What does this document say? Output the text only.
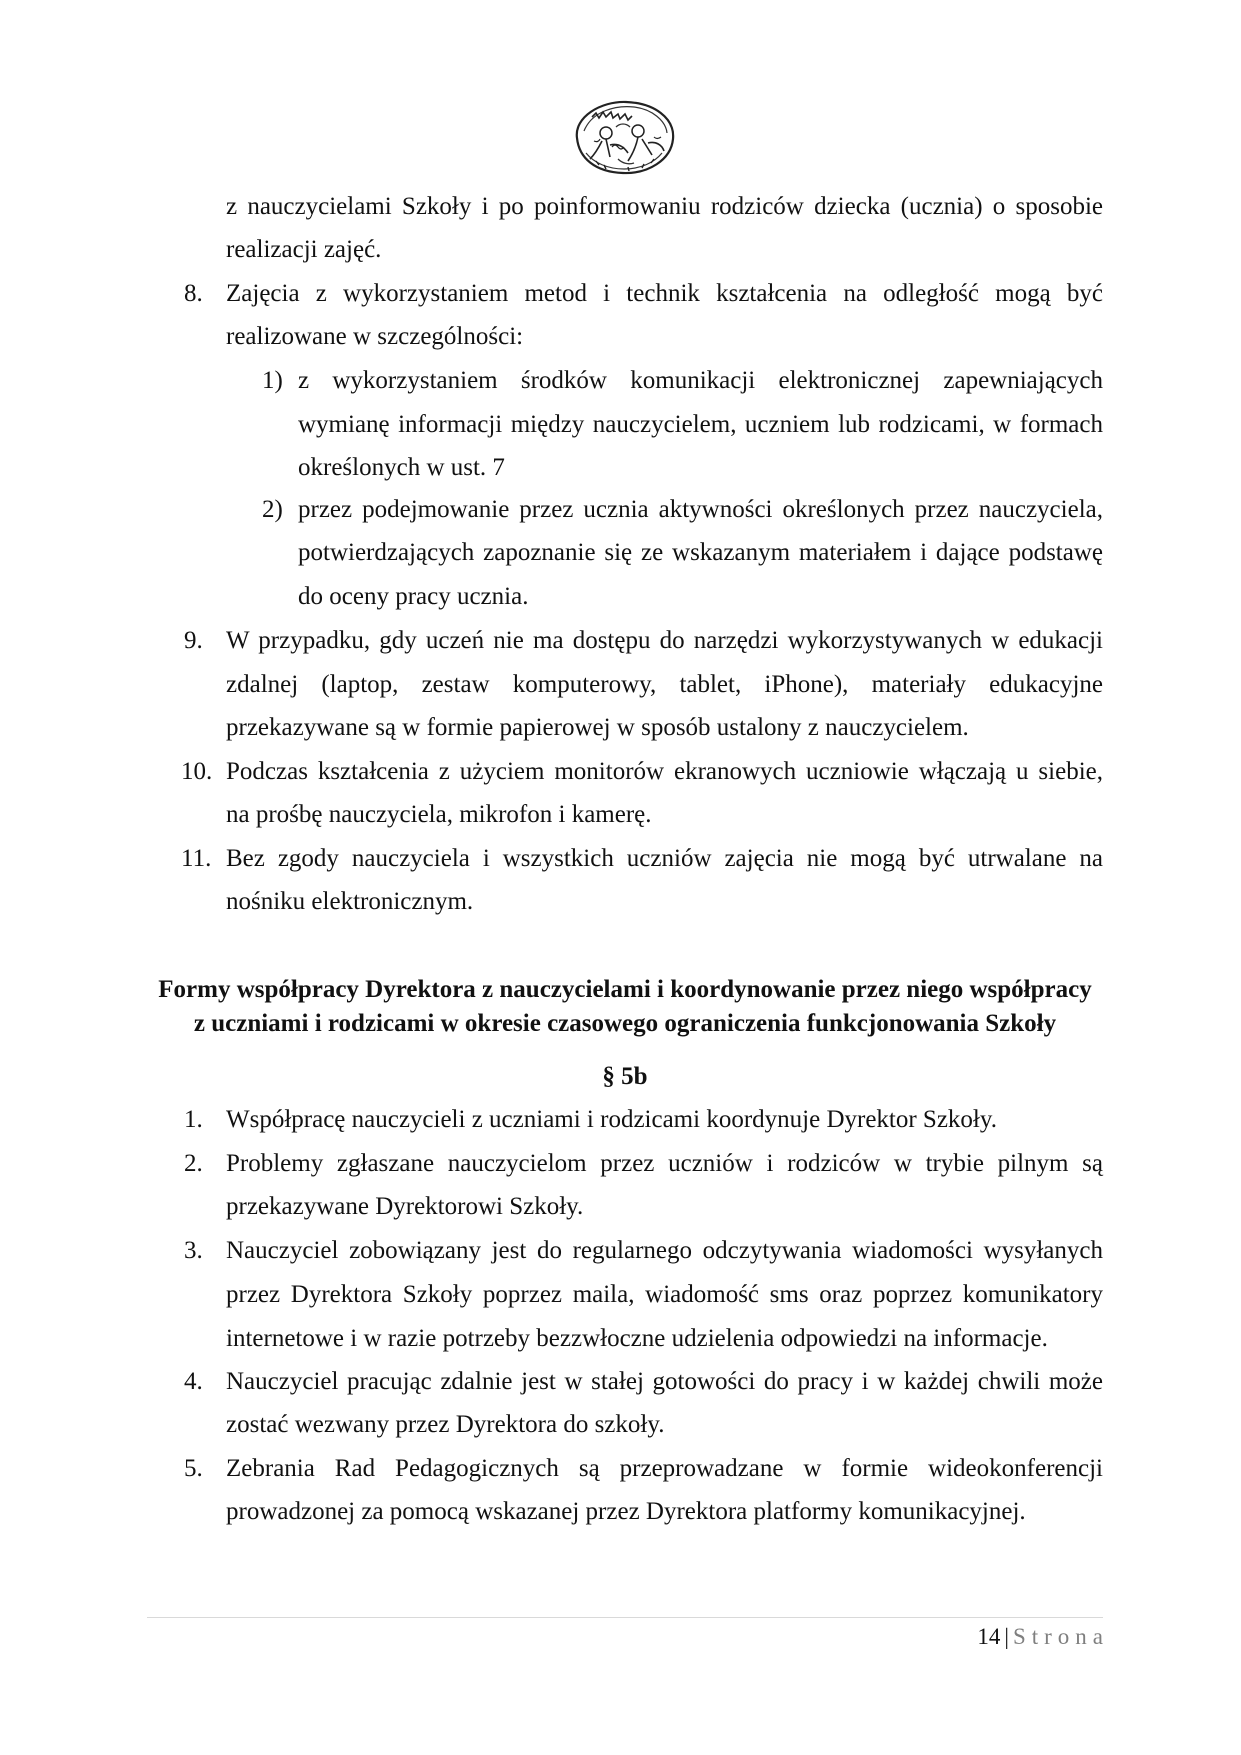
z nauczycielami Szkoły i po poinformowaniu rodziców dziecka (ucznia) o sposobie
realizacji zajęć.
8. Zajęcia z wykorzystaniem metod i technik kształcenia na odległość mogą być
realizowane w szczególności:
1) z wykorzystaniem środków komunikacji elektronicznej zapewniających
wymianę informacji między nauczycielem, uczniem lub rodzicami, w formach
określonych w ust. 7
2) przez podejmowanie przez ucznia aktywności określonych przez nauczyciela,
potwierdzających zapoznanie się ze wskazanym materiałem i dające podstawę
do oceny pracy ucznia.
9. W przypadku, gdy uczeń nie ma dostępu do narzędzi wykorzystywanych w edukacji
zdalnej (laptop, zestaw komputerowy, tablet, iPhone), materiały edukacyjne
przekazywane są w formie papierowej w sposób ustalony z nauczycielem.
10. Podczas kształcenia z użyciem monitorów ekranowych uczniowie włączają u siebie,
na prośbę nauczyciela, mikrofon i kamerę.
11. Bez zgody nauczyciela i wszystkich uczniów zajęcia nie mogą być utrwalane na
nośniku elektronicznym.
Formy współpracy Dyrektora z nauczycielami i koordynowanie przez niego współpracy
z uczniami i rodzicami w okresie czasowego ograniczenia funkcjonowania Szkoły
§ 5b
1. Współpracę nauczycieli z uczniami i rodzicami koordynuje Dyrektor Szkoły.
2. Problemy zgłaszane nauczycielom przez uczniów i rodziców w trybie pilnym są
przekazywane Dyrektorowi Szkoły.
3. Nauczyciel zobowiązany jest do regularnego odczytywania wiadomości wysyłanych
przez Dyrektora Szkoły poprzez maila, wiadomość sms oraz poprzez komunikatory
internetowe i w razie potrzeby bezzwłoczne udzielenia odpowiedzi na informacje.
4. Nauczyciel pracując zdalnie jest w stałej gotowości do pracy i w każdej chwili może
zostać wezwany przez Dyrektora do szkoły.
5. Zebrania Rad Pedagogicznych są przeprowadzane w formie wideokonferencji
prowadzonej za pomocą wskazanej przez Dyrektora platformy komunikacyjnej.
14 | Strona
